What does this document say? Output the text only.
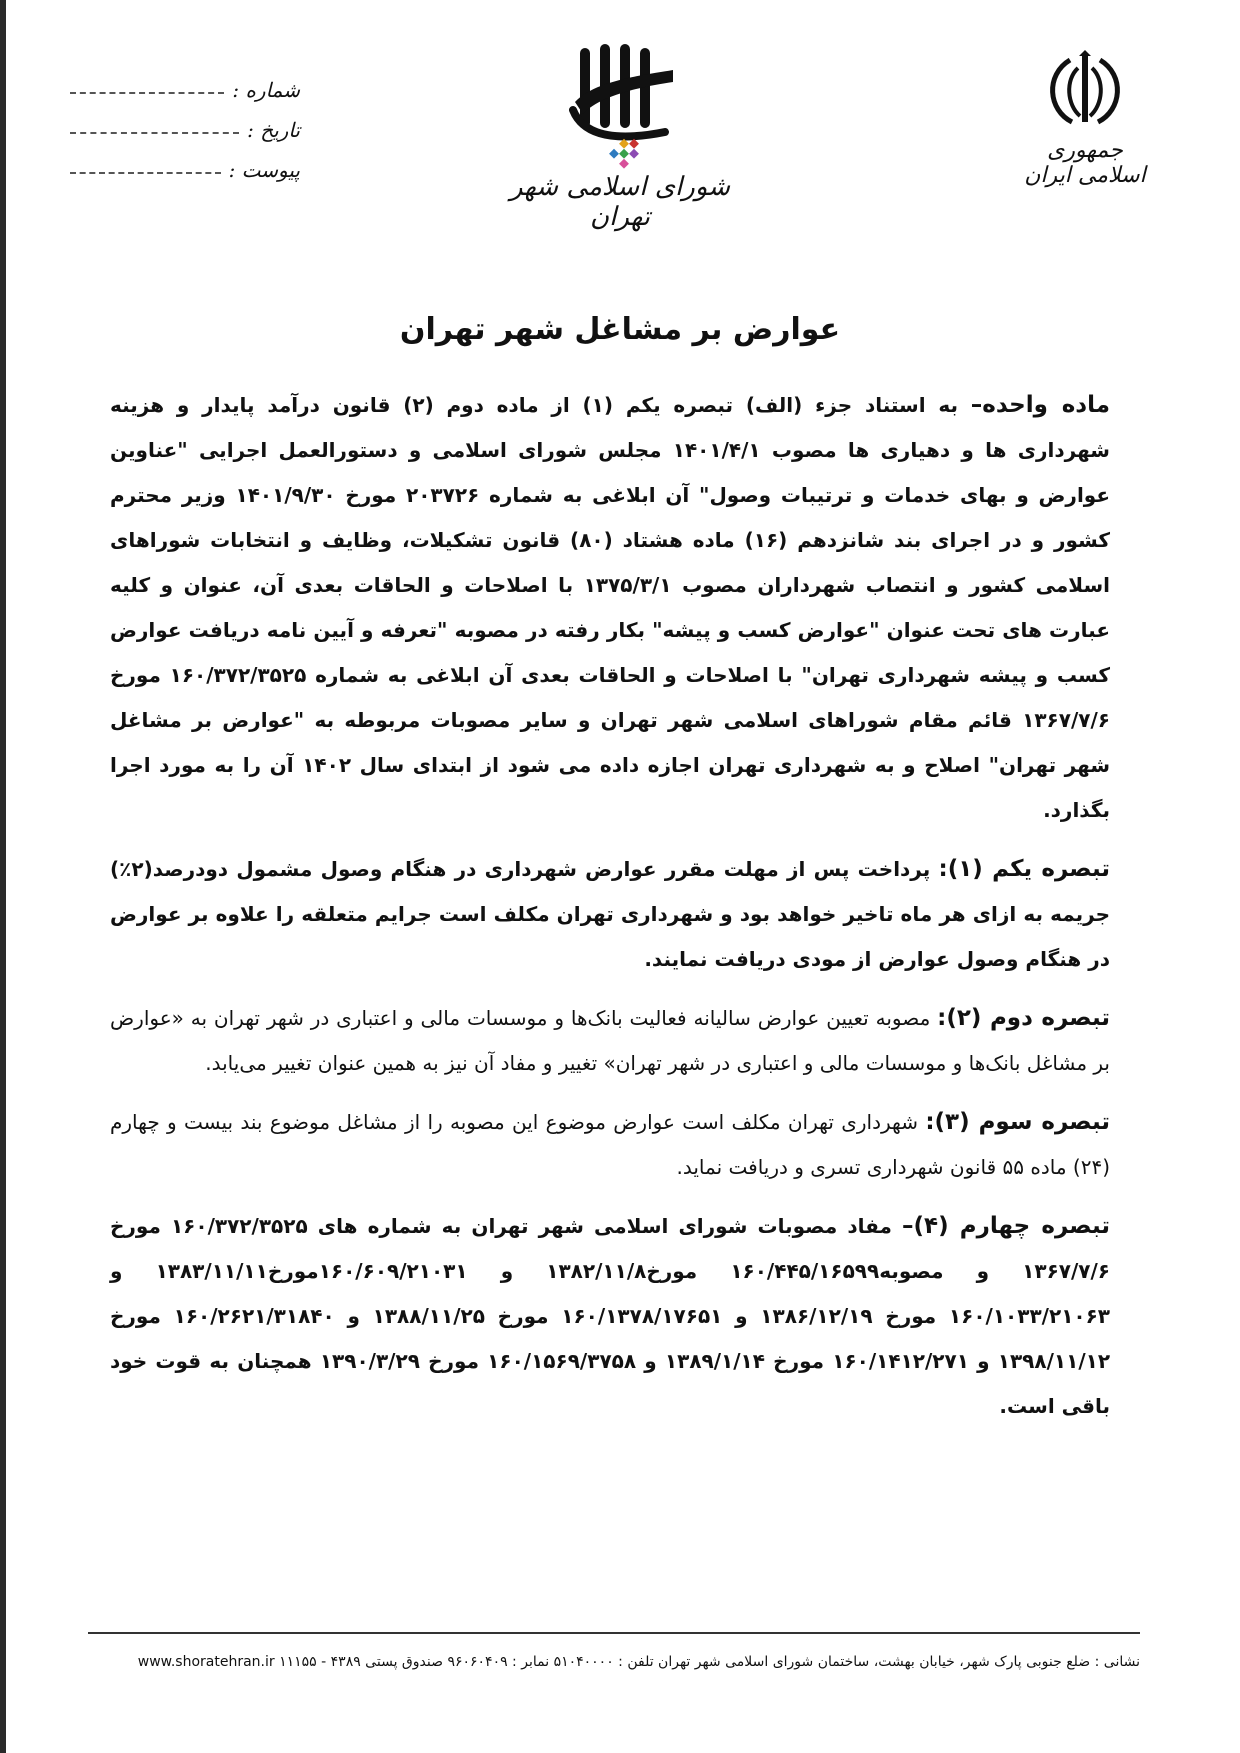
شماره :
تاریخ :
پیوست :
شورای اسلامی شهر تهران
جمهوری اسلامی ایران
عوارض بر مشاغل شهر تهران

ماده واحده– به استناد جزء (الف) تبصره یکم (۱) از ماده دوم (۲) قانون درآمد پایدار و هزینه شهرداری ها و دهیاری ها مصوب ۱۴۰۱/۴/۱ مجلس شورای اسلامی و دستورالعمل اجرایی "عناوین عوارض و بهای خدمات و ترتیبات وصول" آن ابلاغی به شماره ۲۰۳۷۲۶ مورخ ۱۴۰۱/۹/۳۰ وزیر محترم کشور و در اجرای بند شانزدهم (۱۶) ماده هشتاد (۸۰) قانون تشکیلات، وظایف و انتخابات شوراهای اسلامی کشور و انتصاب شهرداران مصوب ۱۳۷۵/۳/۱ با اصلاحات و الحاقات بعدی آن، عنوان و کلیه عبارت های تحت عنوان "عوارض کسب و پیشه" بکار رفته در مصوبه "تعرفه و آیین نامه دریافت عوارض کسب و پیشه شهرداری تهران" با اصلاحات و الحاقات بعدی آن ابلاغی به شماره ۱۶۰/۳۷۲/۳۵۲۵ مورخ ۱۳۶۷/۷/۶ قائم مقام شوراهای اسلامی شهر تهران و سایر مصوبات مربوطه به "عوارض بر مشاغل شهر تهران" اصلاح و به شهرداری تهران اجازه داده می شود از ابتدای سال ۱۴۰۲ آن را به مورد اجرا بگذارد.

تبصره یکم (۱): پرداخت پس از مهلت مقرر عوارض شهرداری در هنگام وصول مشمول دودرصد(۲٪) جریمه به ازای هر ماه تاخیر خواهد بود و شهرداری تهران مکلف است جرایم متعلقه را علاوه بر عوارض در هنگام وصول عوارض از مودی دریافت نمایند.

تبصره دوم (۲): مصوبه تعیین عوارض سالیانه فعالیت بانک‌ها و موسسات مالی و اعتباری در شهر تهران به «عوارض بر مشاغل بانک‌ها و موسسات مالی و اعتباری در شهر تهران» تغییر و مفاد آن نیز به همین عنوان تغییر می‌یابد.

تبصره سوم (۳): شهرداری تهران مکلف است عوارض موضوع این مصوبه را از مشاغل موضوع بند بیست و چهارم (۲۴) ماده ۵۵ قانون شهرداری تسری و دریافت نماید.

تبصره چهارم (۴)– مفاد مصوبات شورای اسلامی شهر تهران به شماره های ۱۶۰/۳۷۲/۳۵۲۵ مورخ ۱۳۶۷/۷/۶ و مصوبه۱۶۰/۴۴۵/۱۶۵۹۹ مورخ۱۳۸۲/۱۱/۸ و ۱۶۰/۶۰۹/۲۱۰۳۱مورخ۱۳۸۳/۱۱/۱۱ و ۱۶۰/۱۰۳۳/۲۱۰۶۳ مورخ ۱۳۸۶/۱۲/۱۹ و ۱۶۰/۱۳۷۸/۱۷۶۵۱ مورخ ۱۳۸۸/۱۱/۲۵ و ۱۶۰/۲۶۲۱/۳۱۸۴۰ مورخ ۱۳۹۸/۱۱/۱۲ و ۱۶۰/۱۴۱۲/۲۷۱ مورخ ۱۳۸۹/۱/۱۴ و ۱۶۰/۱۵۶۹/۳۷۵۸ مورخ ۱۳۹۰/۳/۲۹ همچنان به قوت خود باقی است.

نشانی : ضلع جنوبی پارک شهر، خیابان بهشت، ساختمان شورای اسلامی شهر تهران تلفن : ۵۱۰۴۰۰۰۰ نمابر : ۹۶۰۶۰۴۰۹ صندوق پستی ۴۳۸۹ - ۱۱۱۵۵ www.shoratehran.ir
